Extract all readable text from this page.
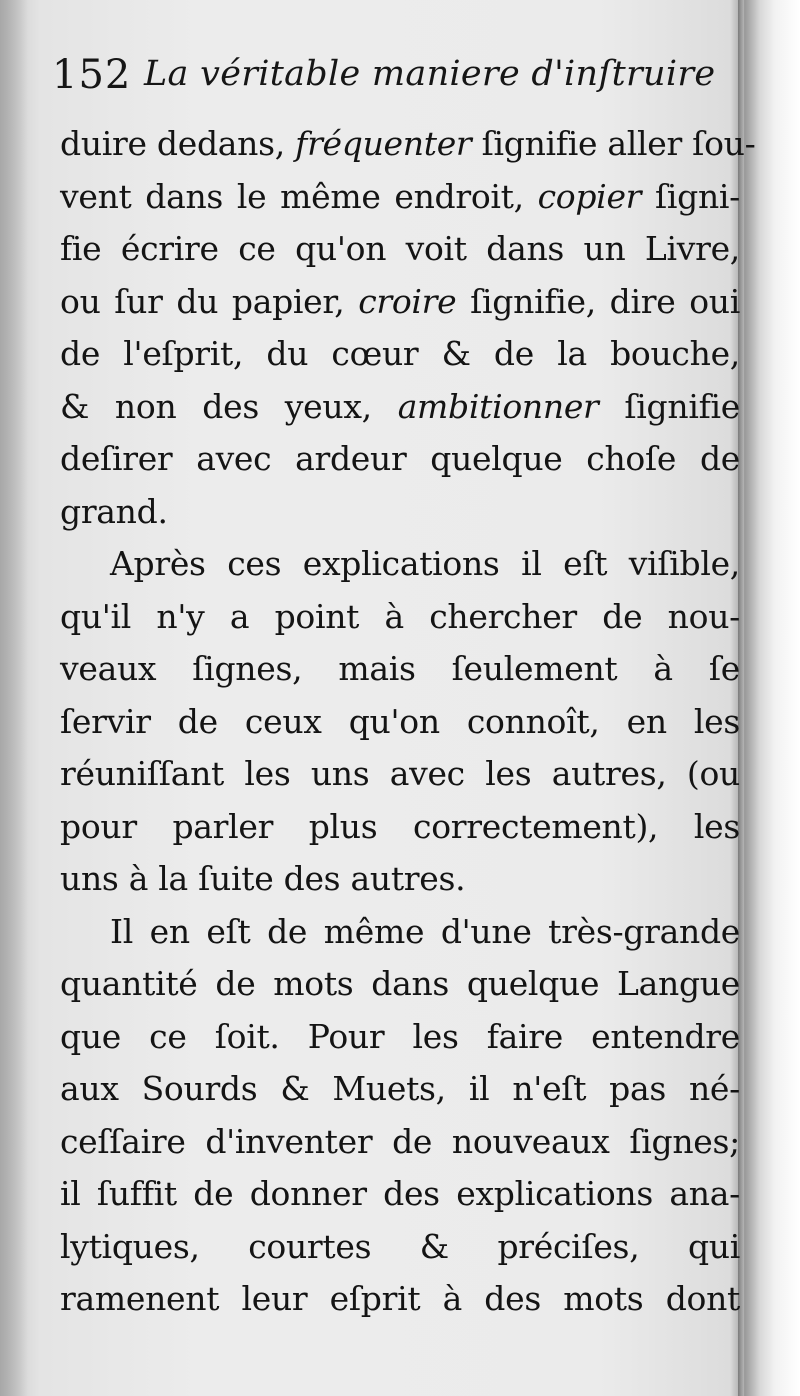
152 La véritable maniere d'inſtruire
duire dedans, fréquenter ſignifie aller ſou-
vent dans le même endroit, copier ſigni-
fie écrire ce qu'on voit dans un Livre,
ou ſur du papier, croire ſignifie, dire oui
de l'eſprit, du cœur & de la bouche,
& non des yeux, ambitionner ſignifie
deſirer avec ardeur quelque choſe de
grand.
Après ces explications il eſt viſible,
qu'il n'y a point à chercher de nou-
veaux ſignes, mais ſeulement à ſe
ſervir de ceux qu'on connoît, en les
réuniſſant les uns avec les autres, (ou
pour parler plus correctement), les
uns à la ſuite des autres.
Il en eſt de même d'une très-grande
quantité de mots dans quelque Langue
que ce ſoit. Pour les faire entendre
aux Sourds & Muets, il n'eſt pas né-
ceſſaire d'inventer de nouveaux ſignes;
il ſuffit de donner des explications ana-
lytiques, courtes & préciſes, qui
ramenent leur eſprit à des mots dont
